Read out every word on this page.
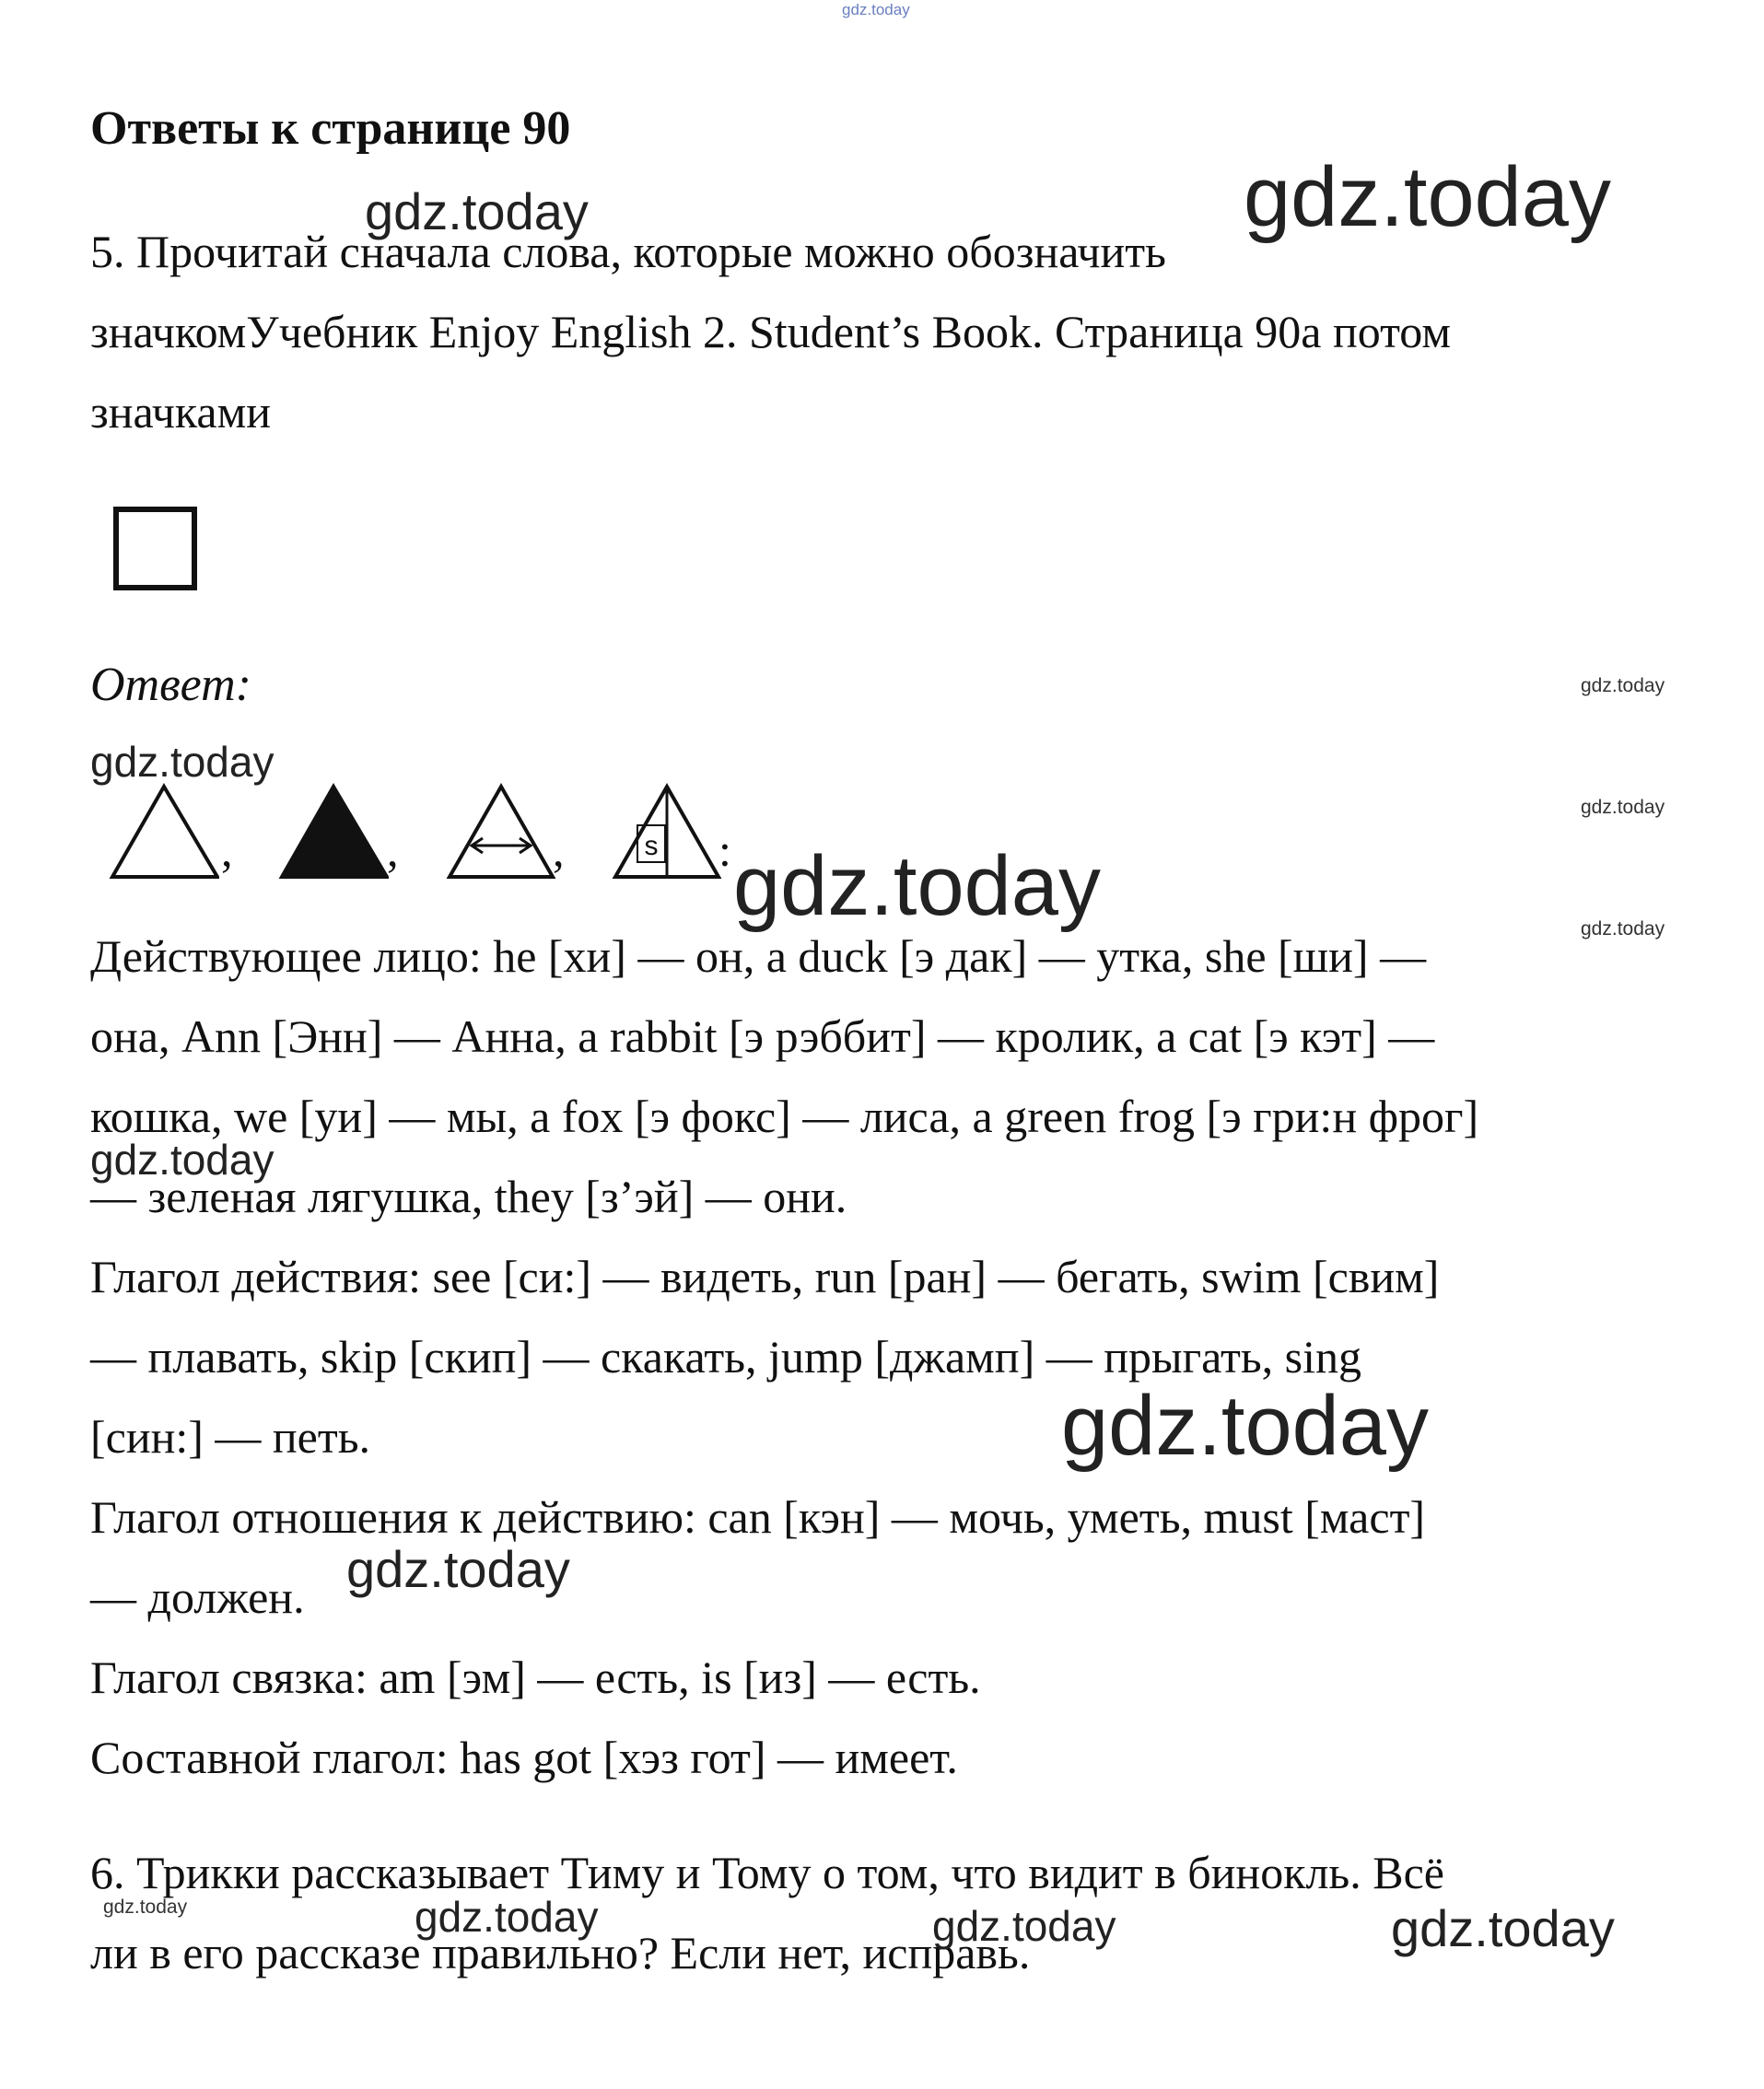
gdz.today
Ответы к странице 90
5. Прочитай сначала слова, которые можно обозначить
значкомУчебник Enjoy English 2. Student’s Book. Страница 90а потом
значками
Ответ:
,	,	,	s :
Действующее лицо: he [хи] — он, a duck [э дак] — утка, she [ши] —
она, Ann [Энн] — Анна, a rabbit [э рэббит] — кролик, a cat [э кэт] —
кошка, we [уи] — мы, a fox [э фокс] — лиса, a green frog [э гри:н фрог]
— зеленая лягушка, they [з’эй] — они.
Глагол действия: see [си:] — видеть, run [ран] — бегать, swim [свим]
— плавать, skip [скип] — скакать, jump [джамп] — прыгать, sing
[син:] — петь.
Глагол отношения к действию: can [кэн] — мочь, уметь, must [маст]
— должен.
Глагол связка: am [эм] — есть, is [из] — есть.
Составной глагол: has got [хэз гот] — имеет.
6. Трикки рассказывает Тиму и Тому о том, что видит в бинокль. Всё
ли в его рассказе правильно? Если нет, исправь.
gdz.today
gdz.today
gdz.today
gdz.today
gdz.today
gdz.today	gdz.today
gdz.today
gdz.today
gdz.today
gdz.today	gdz.today	gdz.today	gdz.today
